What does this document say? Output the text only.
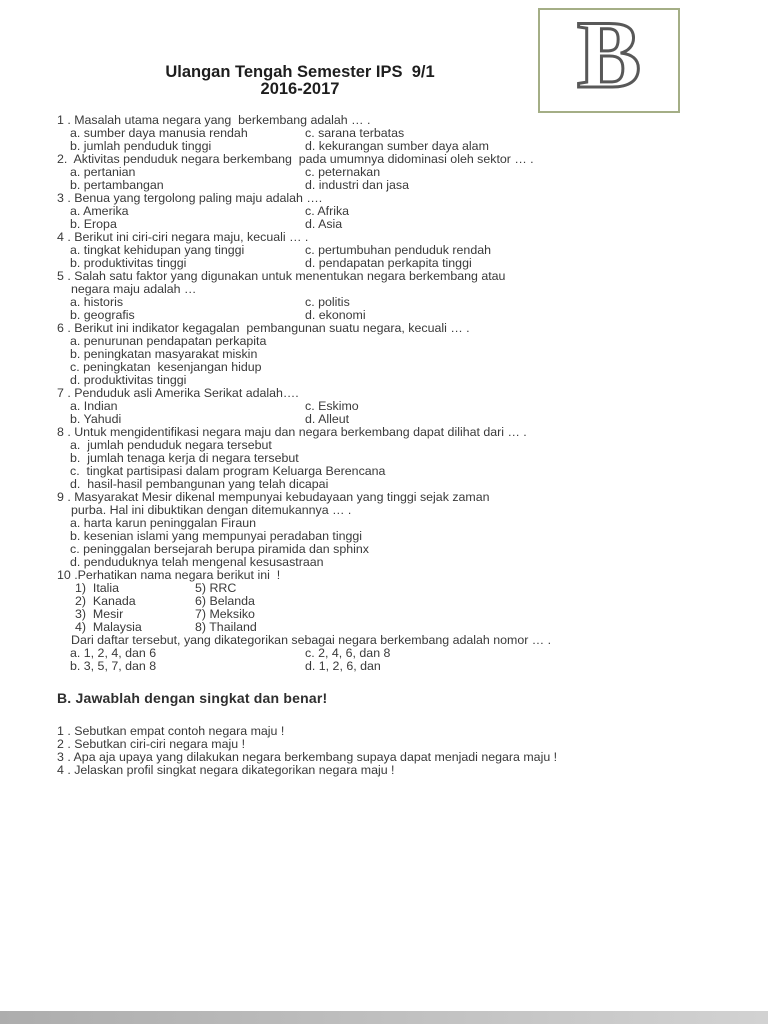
B
Ulangan Tengah Semester IPS  9/1
2016-2017
1 . Masalah utama negara yang  berkembang adalah … .
a. sumber daya manusia rendah	c. sarana terbatas
b. jumlah penduduk tinggi	d. kekurangan sumber daya alam
2.  Aktivitas penduduk negara berkembang  pada umumnya didominasi oleh sektor … .
a. pertanian	c. peternakan
b. pertambangan	d. industri dan jasa
3 . Benua yang tergolong paling maju adalah ….
a. Amerika	c. Afrika
b. Eropa	d. Asia
4 . Berikut ini ciri-ciri negara maju, kecuali … .
a. tingkat kehidupan yang tinggi	c. pertumbuhan penduduk rendah
b. produktivitas tinggi	d. pendapatan perkapita tinggi
5 . Salah satu faktor yang digunakan untuk menentukan negara berkembang atau
negara maju adalah …
a. historis	c. politis
b. geografis	d. ekonomi
6 . Berikut ini indikator kegagalan  pembangunan suatu negara, kecuali … .
a. penurunan pendapatan perkapita
b. peningkatan masyarakat miskin
c. peningkatan  kesenjangan hidup
d. produktivitas tinggi
7 . Penduduk asli Amerika Serikat adalah….
a. Indian	c. Eskimo
b. Yahudi	d. Alleut
8 . Untuk mengidentifikasi negara maju dan negara berkembang dapat dilihat dari … .
a.  jumlah penduduk negara tersebut
b.  jumlah tenaga kerja di negara tersebut
c.  tingkat partisipasi dalam program Keluarga Berencana
d.  hasil-hasil pembangunan yang telah dicapai
9 . Masyarakat Mesir dikenal mempunyai kebudayaan yang tinggi sejak zaman
purba. Hal ini dibuktikan dengan ditemukannya … .
a. harta karun peninggalan Firaun
b. kesenian islami yang mempunyai peradaban tinggi
c. peninggalan bersejarah berupa piramida dan sphinx
d. penduduknya telah mengenal kesusastraan
10 .Perhatikan nama negara berikut ini  !
1)  Italia	5) RRC
2)  Kanada	6) Belanda
3)  Mesir	7) Meksiko
4)  Malaysia	8) Thailand
Dari daftar tersebut, yang dikategorikan sebagai negara berkembang adalah nomor … .
a. 1, 2, 4, dan 6	c. 2, 4, 6, dan 8
b. 3, 5, 7, dan 8	d. 1, 2, 6, dan
B. Jawablah dengan singkat dan benar!
1 . Sebutkan empat contoh negara maju !
2 . Sebutkan ciri-ciri negara maju !
3 . Apa aja upaya yang dilakukan negara berkembang supaya dapat menjadi negara maju !
4 . Jelaskan profil singkat negara dikategorikan negara maju !
